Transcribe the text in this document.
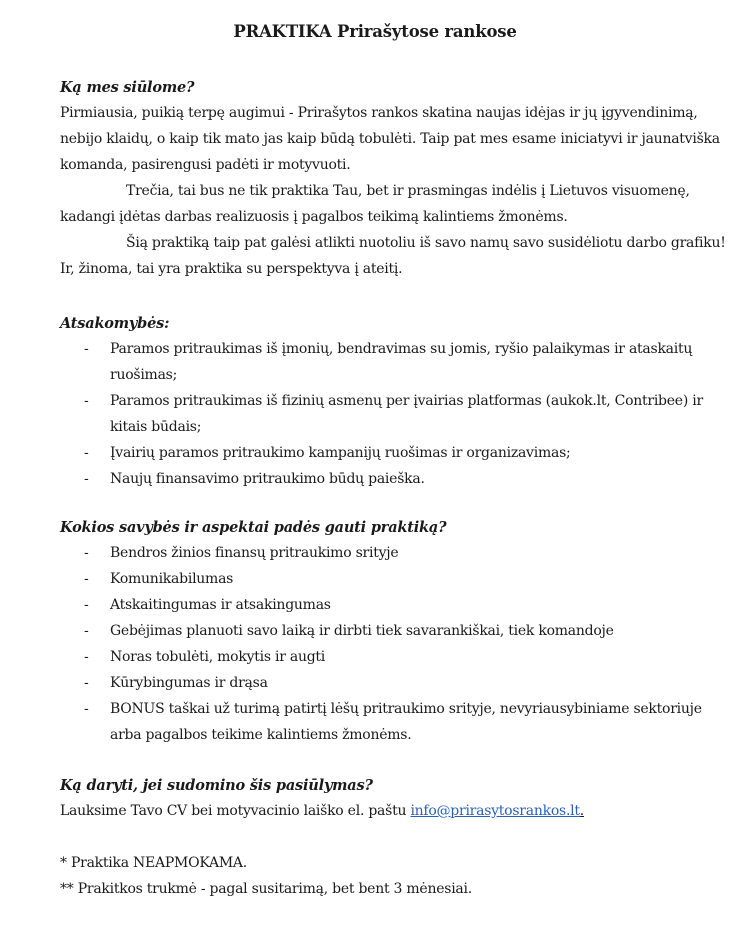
PRAKTIKA Prirašytose rankose
Ką mes siūlome?
Pirmiausia, puikią terpę augimui - Prirašytos rankos skatina naujas idėjas ir jų įgyvendinimą,
nebijo klaidų, o kaip tik mato jas kaip būdą tobulėti. Taip pat mes esame iniciatyvi ir jaunatviška
komanda, pasirengusi padėti ir motyvuoti.
Trečia, tai bus ne tik praktika Tau, bet ir prasmingas indėlis į Lietuvos visuomenę,
kadangi įdėtas darbas realizuosis į pagalbos teikimą kalintiems žmonėms.
Šią praktiką taip pat galėsi atlikti nuotoliu iš savo namų savo susidėliotu darbo grafiku!
Ir, žinoma, tai yra praktika su perspektyva į ateitį.
Atsakomybės:
- Paramos pritraukimas iš įmonių, bendravimas su jomis, ryšio palaikymas ir ataskaitų
ruošimas;
- Paramos pritraukimas iš fizinių asmenų per įvairias platformas (aukok.lt, Contribee) ir
kitais būdais;
- Įvairių paramos pritraukimo kampanijų ruošimas ir organizavimas;
- Naujų finansavimo pritraukimo būdų paieška.
Kokios savybės ir aspektai padės gauti praktiką?
- Bendros žinios finansų pritraukimo srityje
- Komunikabilumas
- Atskaitingumas ir atsakingumas
- Gebėjimas planuoti savo laiką ir dirbti tiek savarankiškai, tiek komandoje
- Noras tobulėti, mokytis ir augti
- Kūrybingumas ir drąsa
- BONUS taškai už turimą patirtį lėšų pritraukimo srityje, nevyriausybiniame sektoriuje
arba pagalbos teikime kalintiems žmonėms.
Ką daryti, jei sudomino šis pasiūlymas?
Lauksime Tavo CV bei motyvacinio laiško el. paštu info@prirasytosrankos.lt.
* Praktika NEAPMOKAMA.
** Prakitkos trukmė - pagal susitarimą, bet bent 3 mėnesiai.
